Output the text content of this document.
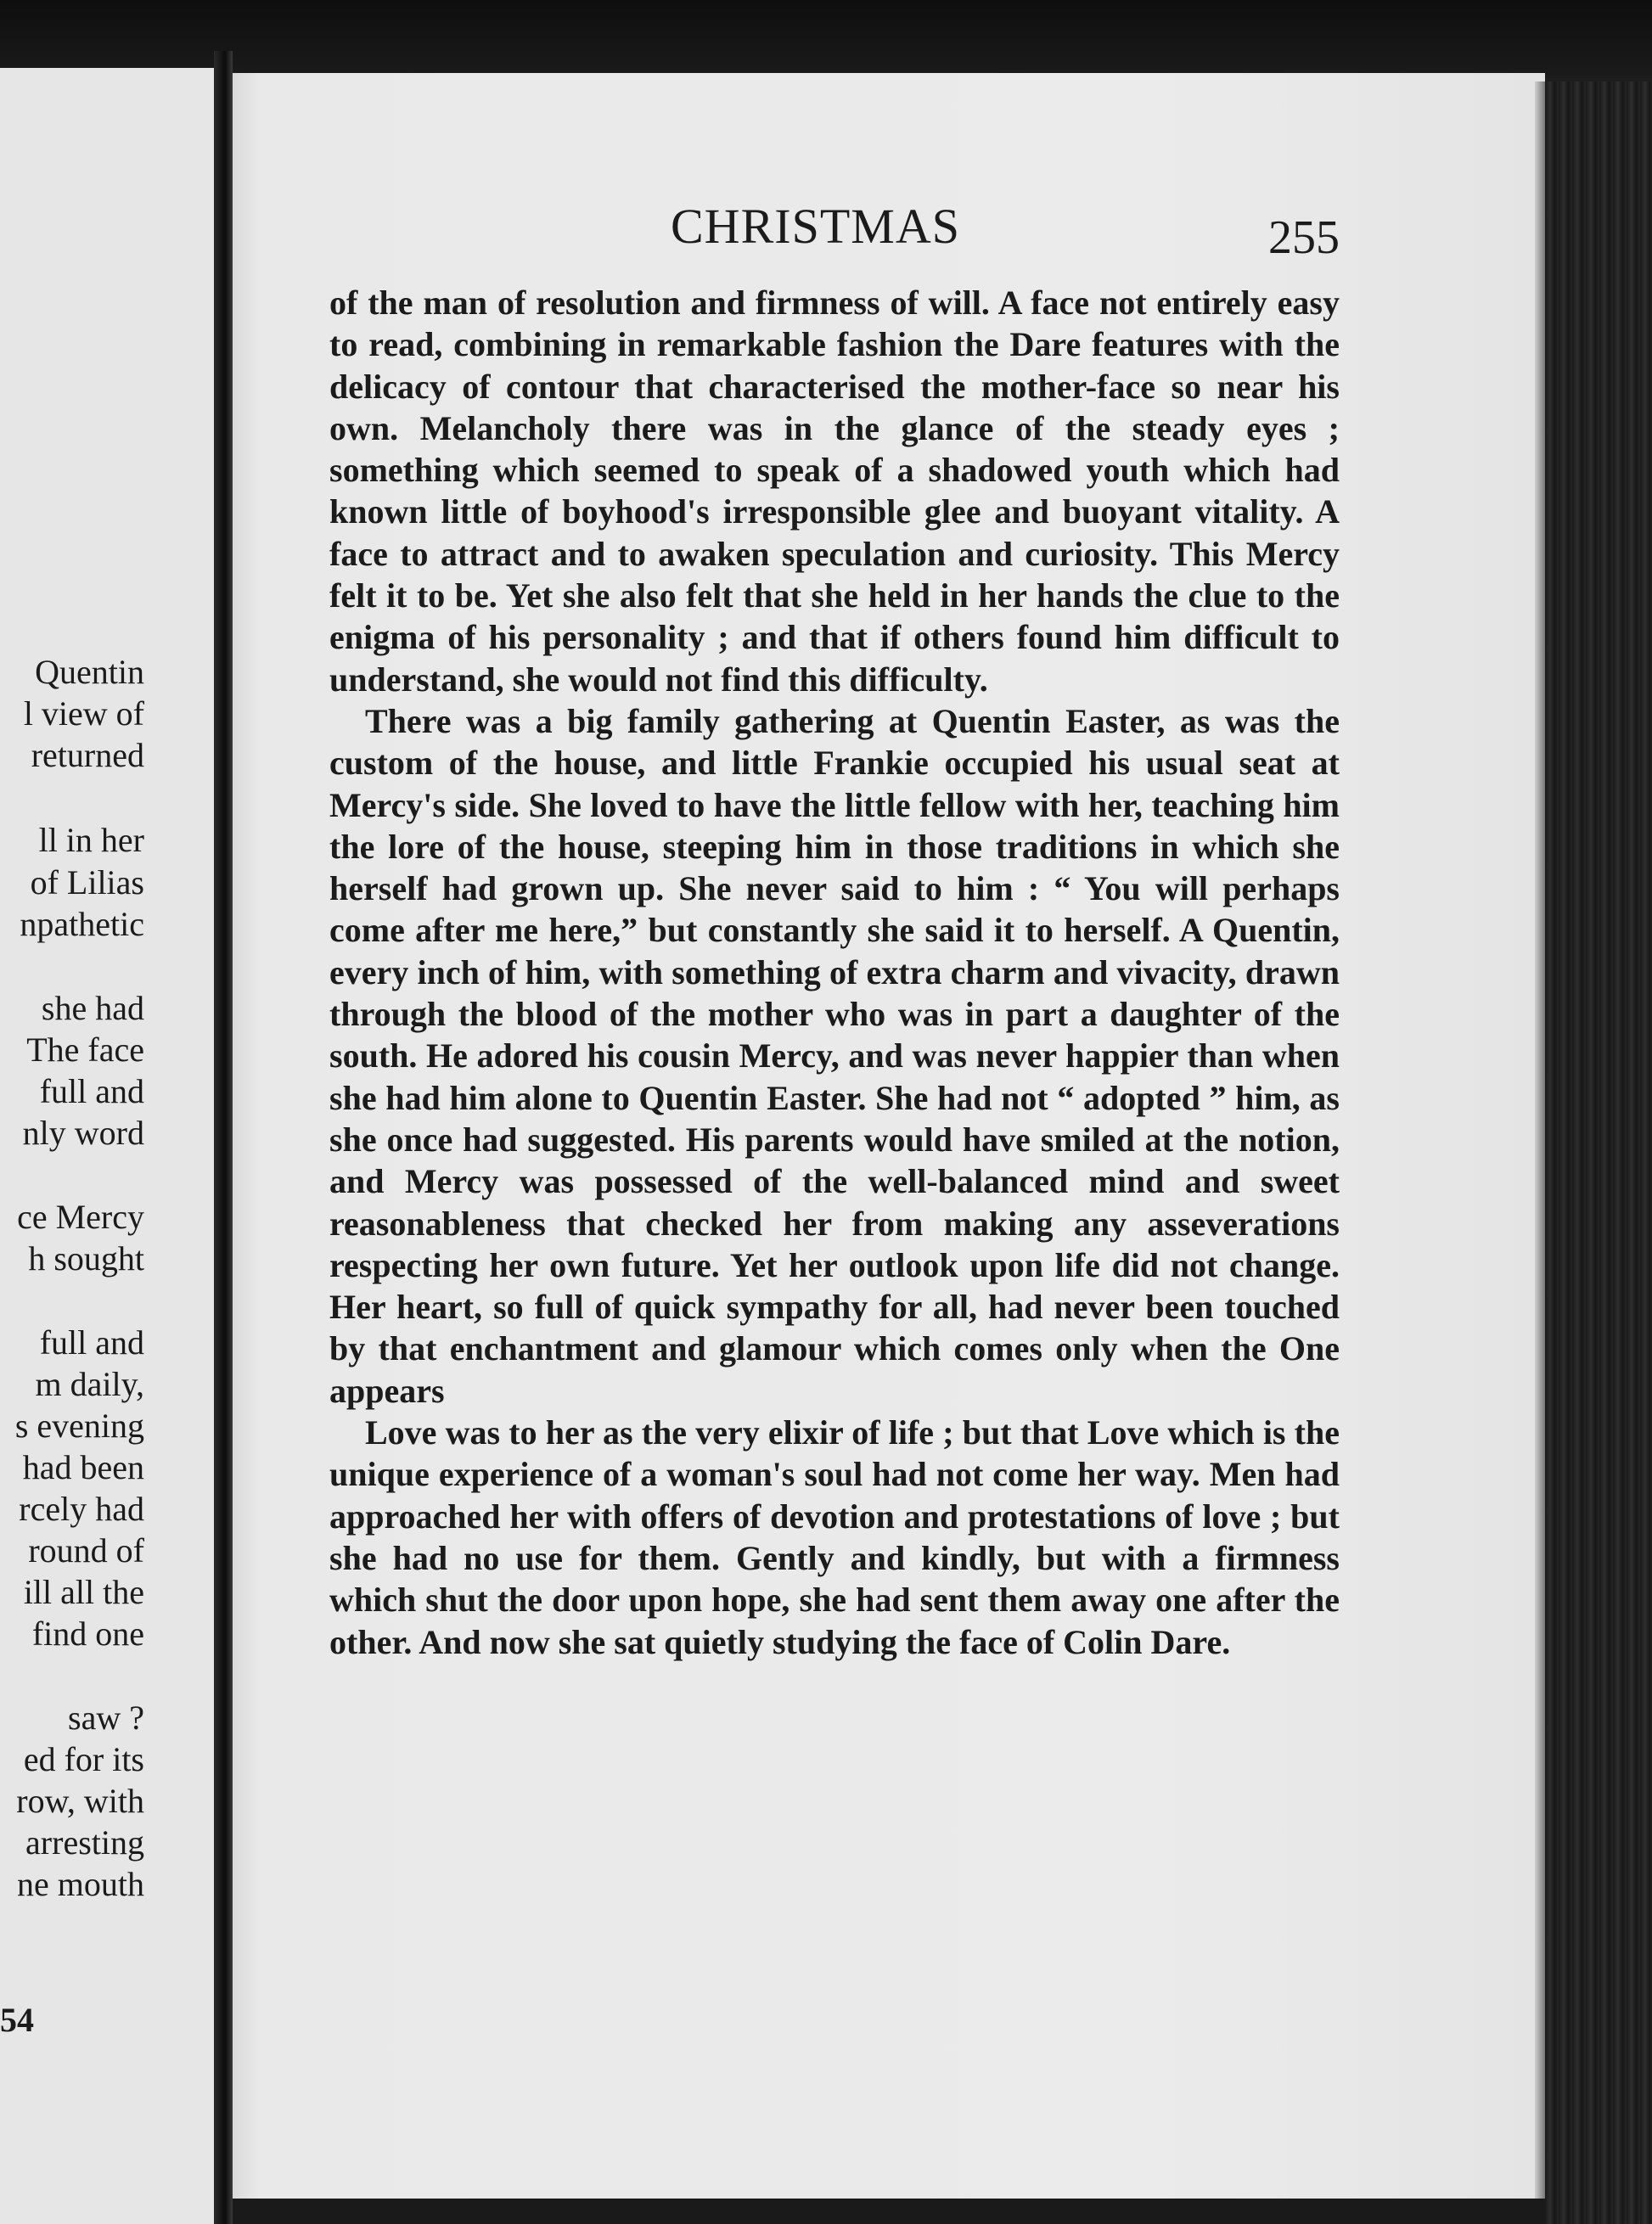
Quentin
l view of
returned
ll in her
of Lilias
npathetic
she had
The face
full and
nly word
ce Mercy
h sought
full and
m daily,
s evening
had been
rcely had
round of
ill all the
find one
saw ?
ed for its
row, with
arresting
ne mouth
54
CHRISTMAS	255

of the man of resolution and firmness of will. A face not entirely easy to read, combining in remarkable fashion the Dare features with the delicacy of contour that characterised the mother-face so near his own. Melancholy there was in the glance of the steady eyes ; something which seemed to speak of a shadowed youth which had known little of boyhood's irresponsible glee and buoyant vitality. A face to attract and to awaken speculation and curiosity. This Mercy felt it to be. Yet she also felt that she held in her hands the clue to the enigma of his personality ; and that if others found him difficult to understand, she would not find this difficulty.

There was a big family gathering at Quentin Easter, as was the custom of the house, and little Frankie occupied his usual seat at Mercy's side. She loved to have the little fellow with her, teaching him the lore of the house, steeping him in those traditions in which she herself had grown up. She never said to him : “ You will perhaps come after me here,” but constantly she said it to herself. A Quentin, every inch of him, with something of extra charm and vivacity, drawn through the blood of the mother who was in part a daughter of the south. He adored his cousin Mercy, and was never happier than when she had him alone to Quentin Easter. She had not “ adopted ” him, as she once had suggested. His parents would have smiled at the notion, and Mercy was possessed of the well-balanced mind and sweet reasonableness that checked her from making any asseverations respecting her own future. Yet her outlook upon life did not change. Her heart, so full of quick sympathy for all, had never been touched by that enchantment and glamour which comes only when the One appears

Love was to her as the very elixir of life ; but that Love which is the unique experience of a woman's soul had not come her way. Men had approached her with offers of devotion and protestations of love ; but she had no use for them. Gently and kindly, but with a firmness which shut the door upon hope, she had sent them away one after the other. And now she sat quietly studying the face of Colin Dare.
